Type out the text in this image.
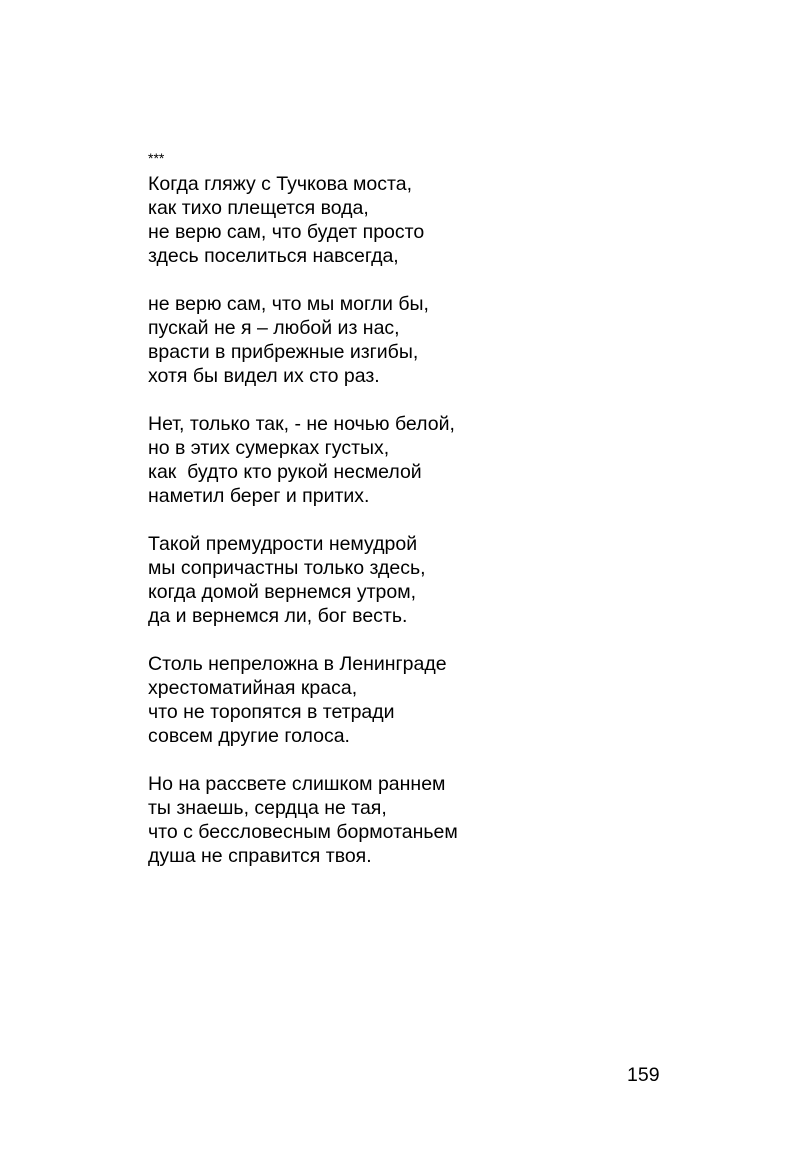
***
Когда гляжу с Тучкова моста,
как тихо плещется вода,
не верю сам, что будет просто
здесь поселиться навсегда,
не верю сам, что мы могли бы,
пускай не я – любой из нас,
врасти в прибрежные изгибы,
хотя бы видел их сто раз.
Нет, только так, - не ночью белой,
но в этих сумерках густых,
как  будто кто рукой несмелой
наметил берег и притих.
Такой премудрости немудрой
мы сопричастны только здесь,
когда домой вернемся утром,
да и вернемся ли, бог весть.
Столь непреложна в Ленинграде
хрестоматийная краса,
что не торопятся в тетради
совсем другие голоса.
Но на рассвете слишком раннем
ты знаешь, сердца не тая,
что с бессловесным бормотаньем
душа не справится твоя.
159
